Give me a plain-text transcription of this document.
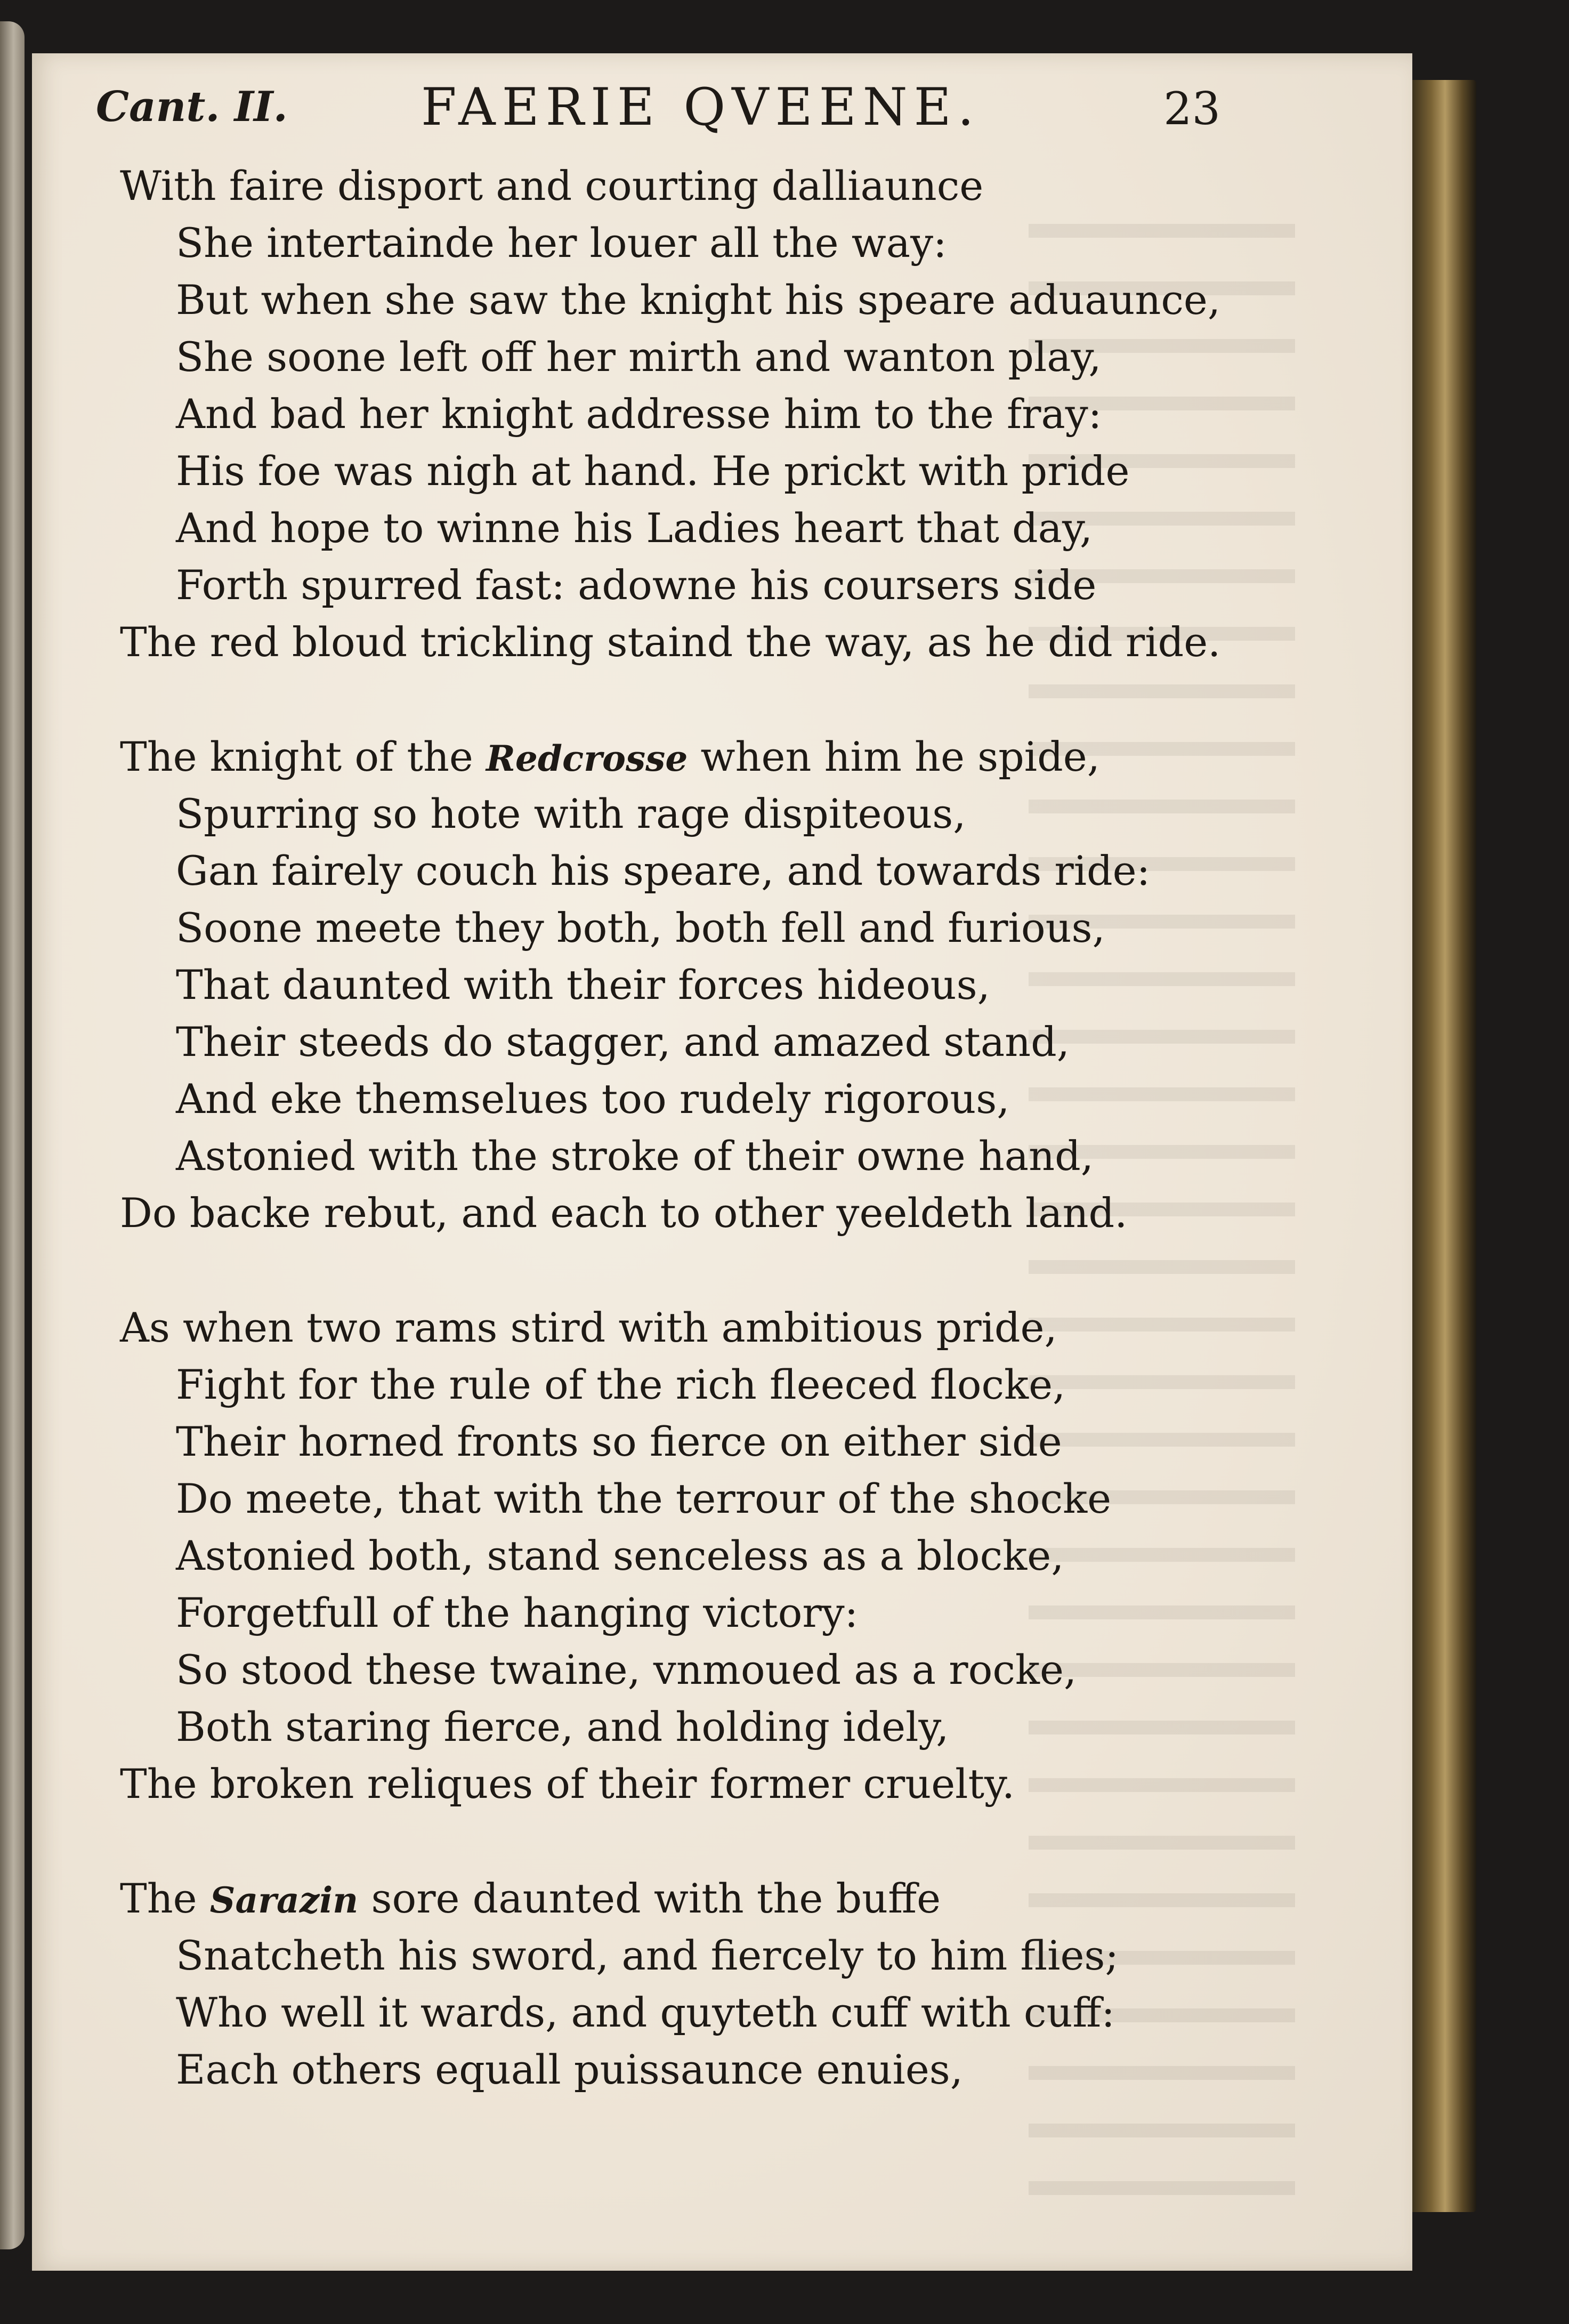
Cant. II.	FAERIE QVEENE.	23
With faire disport and courting dalliaunce
She intertainde her louer all the way:
But when she saw the knight his speare aduaunce,
She soone left off her mirth and wanton play,
And bad her knight addresse him to the fray:
His foe was nigh at hand. He prickt with pride
And hope to winne his Ladies heart that day,
Forth spurred fast: adowne his coursers side
The red bloud trickling staind the way, as he did ride.
The knight of the Redcrosse when him he spide,
Spurring so hote with rage dispiteous,
Gan fairely couch his speare, and towards ride:
Soone meete they both, both fell and furious,
That daunted with their forces hideous,
Their steeds do stagger, and amazed stand,
And eke themselues too rudely rigorous,
Astonied with the stroke of their owne hand,
Do backe rebut, and each to other yeeldeth land.
As when two rams stird with ambitious pride,
Fight for the rule of the rich fleeced flocke,
Their horned fronts so fierce on either side
Do meete, that with the terrour of the shocke
Astonied both, stand senceless as a blocke,
Forgetfull of the hanging victory:
So stood these twaine, vnmoued as a rocke,
Both staring fierce, and holding idely,
The broken reliques of their former cruelty.
The Sarazin sore daunted with the buffe
Snatcheth his sword, and fiercely to him flies;
Who well it wards, and quyteth cuff with cuff:
Each others equall puissaunce enuies,
